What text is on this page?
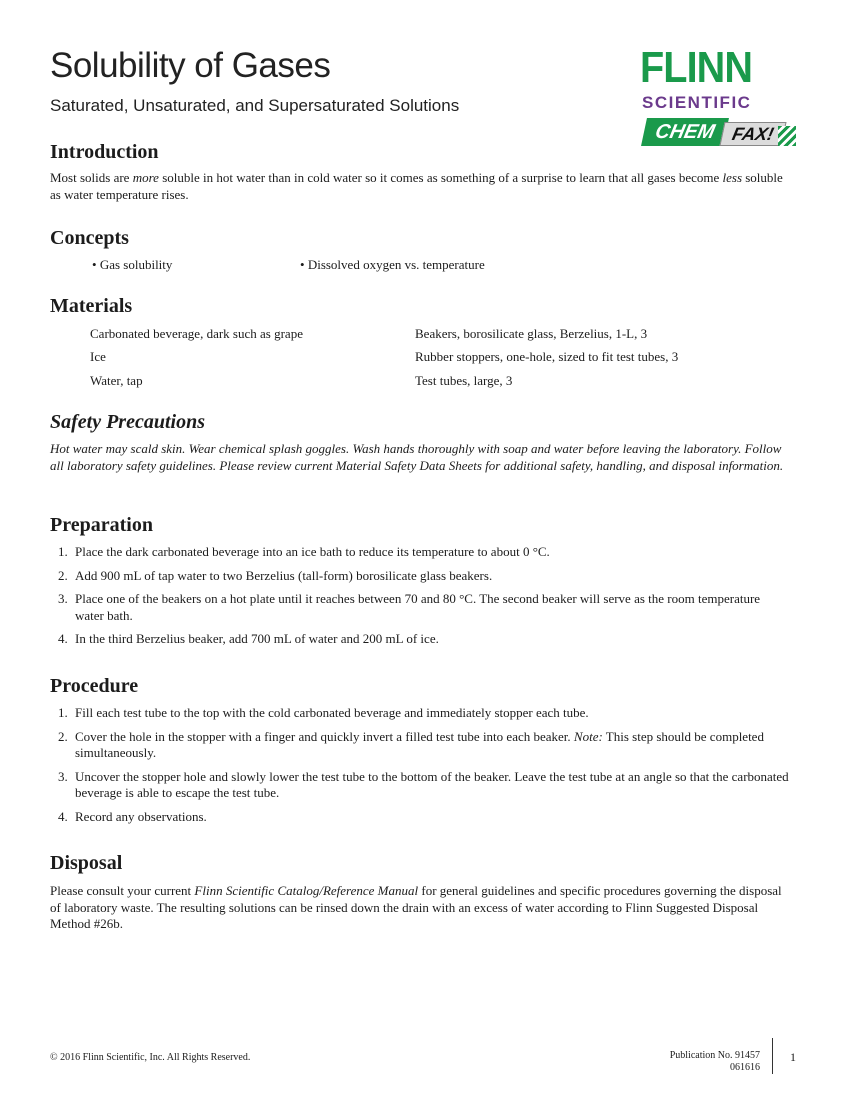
Solubility of Gases
Saturated, Unsaturated, and Supersaturated Solutions
FLINN
SCIENTIFIC
CHEM FAX!
Introduction

Most solids are more soluble in hot water than in cold water so it comes as something of a surprise to learn that all gases become less soluble as water temperature rises.

Concepts
• Gas solubility	• Dissolved oxygen vs. temperature
Materials
Carbonated beverage, dark such as grape
Ice
Water, tap
Beakers, borosilicate glass, Berzelius, 1-L, 3
Rubber stoppers, one-hole, sized to fit test tubes, 3
Test tubes, large, 3
Safety Precautions

Hot water may scald skin. Wear chemical splash goggles. Wash hands thoroughly with soap and water before leaving the laboratory. Follow all laboratory safety guidelines. Please review current Material Safety Data Sheets for additional safety, handling, and disposal information.

Preparation
1. Place the dark carbonated beverage into an ice bath to reduce its temperature to about 0 °C.
2. Add 900 mL of tap water to two Berzelius (tall-form) borosilicate glass beakers.
3. Place one of the beakers on a hot plate until it reaches between 70 and 80 °C. The second beaker will serve as the room temperature water bath.
4. In the third Berzelius beaker, add 700 mL of water and 200 mL of ice.
Procedure
1. Fill each test tube to the top with the cold carbonated beverage and immediately stopper each tube.
2. Cover the hole in the stopper with a finger and quickly invert a filled test tube into each beaker. Note: This step should be completed simultaneously.
3. Uncover the stopper hole and slowly lower the test tube to the bottom of the beaker. Leave the test tube at an angle so that the carbonated beverage is able to escape the test tube.
4. Record any observations.
Disposal

Please consult your current Flinn Scientific Catalog/Reference Manual for general guidelines and specific procedures governing the disposal of laboratory waste. The resulting solutions can be rinsed down the drain with an excess of water according to Flinn Suggested Disposal Method #26b.

© 2016 Flinn Scientific, Inc. All Rights Reserved.	Publication No. 91457
061616
1
